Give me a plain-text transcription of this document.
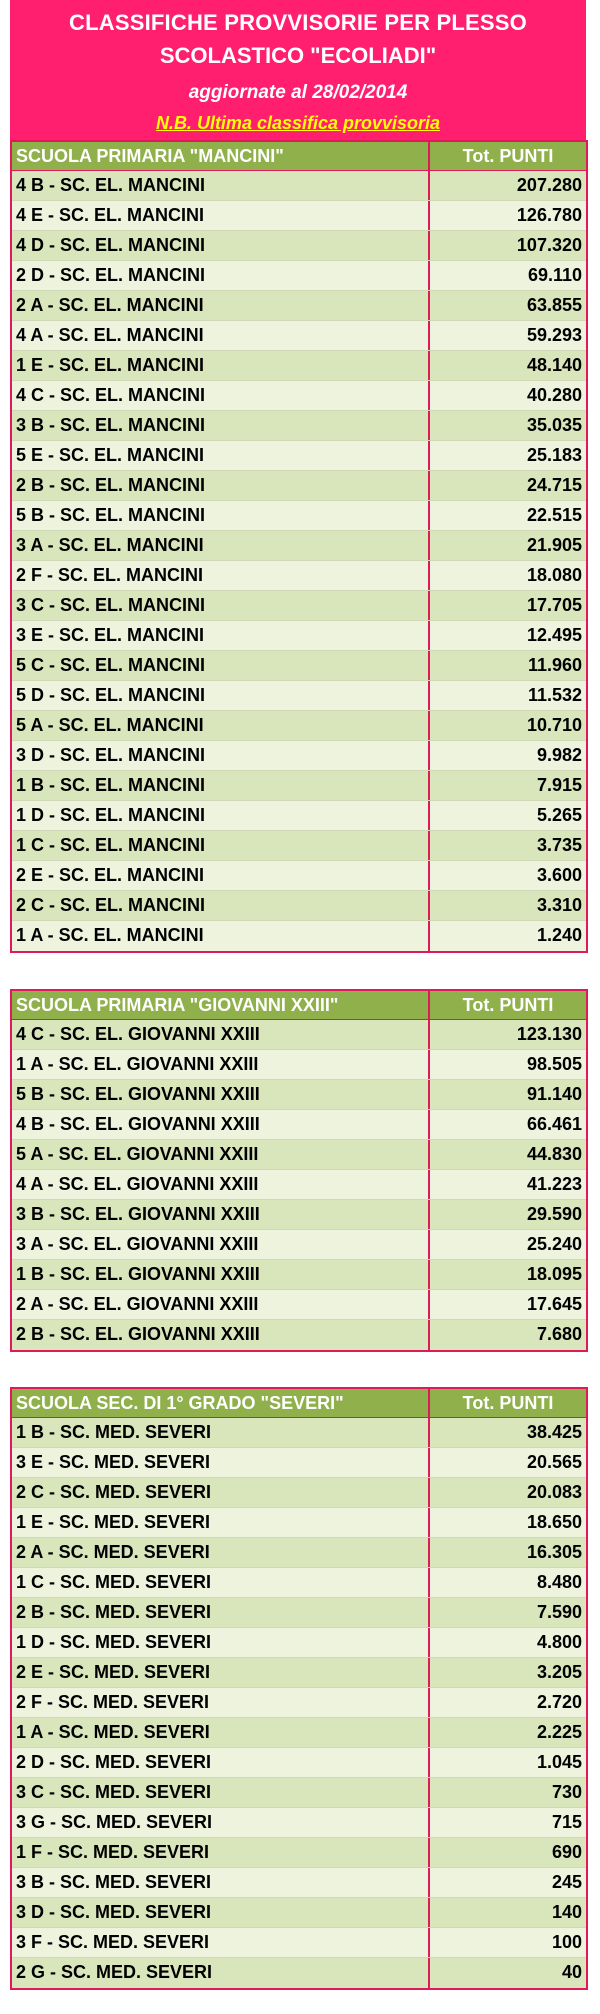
CLASSIFICHE PROVVISORIE PER PLESSO
SCOLASTICO "ECOLIADI"
aggiornate al 28/02/2014
N.B. Ultima classifica provvisoria
SCUOLA PRIMARIA "MANCINI"	Tot. PUNTI
4 B - SC. EL. MANCINI	207.280
4 E - SC. EL. MANCINI	126.780
4 D - SC. EL. MANCINI	107.320
2 D - SC. EL. MANCINI	69.110
2 A - SC. EL. MANCINI	63.855
4 A - SC. EL. MANCINI	59.293
1 E - SC. EL. MANCINI	48.140
4 C - SC. EL. MANCINI	40.280
3 B - SC. EL. MANCINI	35.035
5 E - SC. EL. MANCINI	25.183
2 B - SC. EL. MANCINI	24.715
5 B - SC. EL. MANCINI	22.515
3 A - SC. EL. MANCINI	21.905
2 F - SC. EL. MANCINI	18.080
3 C - SC. EL. MANCINI	17.705
3 E - SC. EL. MANCINI	12.495
5 C - SC. EL. MANCINI	11.960
5 D - SC. EL. MANCINI	11.532
5 A - SC. EL. MANCINI	10.710
3 D - SC. EL. MANCINI	9.982
1 B - SC. EL. MANCINI	7.915
1 D - SC. EL. MANCINI	5.265
1 C - SC. EL. MANCINI	3.735
2 E - SC. EL. MANCINI	3.600
2 C - SC. EL. MANCINI	3.310
1 A - SC. EL. MANCINI	1.240
SCUOLA PRIMARIA "GIOVANNI XXIII"	Tot. PUNTI
4 C - SC. EL. GIOVANNI XXIII	123.130
1 A - SC. EL. GIOVANNI XXIII	98.505
5 B - SC. EL. GIOVANNI XXIII	91.140
4 B - SC. EL. GIOVANNI XXIII	66.461
5 A - SC. EL. GIOVANNI XXIII	44.830
4 A - SC. EL. GIOVANNI XXIII	41.223
3 B - SC. EL. GIOVANNI XXIII	29.590
3 A - SC. EL. GIOVANNI XXIII	25.240
1 B - SC. EL. GIOVANNI XXIII	18.095
2 A - SC. EL. GIOVANNI XXIII	17.645
2 B - SC. EL. GIOVANNI XXIII	7.680
SCUOLA SEC. DI 1° GRADO "SEVERI"	Tot. PUNTI
1 B - SC. MED. SEVERI	38.425
3 E - SC. MED. SEVERI	20.565
2 C - SC. MED. SEVERI	20.083
1 E - SC. MED. SEVERI	18.650
2 A - SC. MED. SEVERI	16.305
1 C - SC. MED. SEVERI	8.480
2 B - SC. MED. SEVERI	7.590
1 D - SC. MED. SEVERI	4.800
2 E - SC. MED. SEVERI	3.205
2 F - SC. MED. SEVERI	2.720
1 A - SC. MED. SEVERI	2.225
2 D - SC. MED. SEVERI	1.045
3 C - SC. MED. SEVERI	730
3 G - SC. MED. SEVERI	715
1 F - SC. MED. SEVERI	690
3 B - SC. MED. SEVERI	245
3 D - SC. MED. SEVERI	140
3 F - SC. MED. SEVERI	100
2 G - SC. MED. SEVERI	40
